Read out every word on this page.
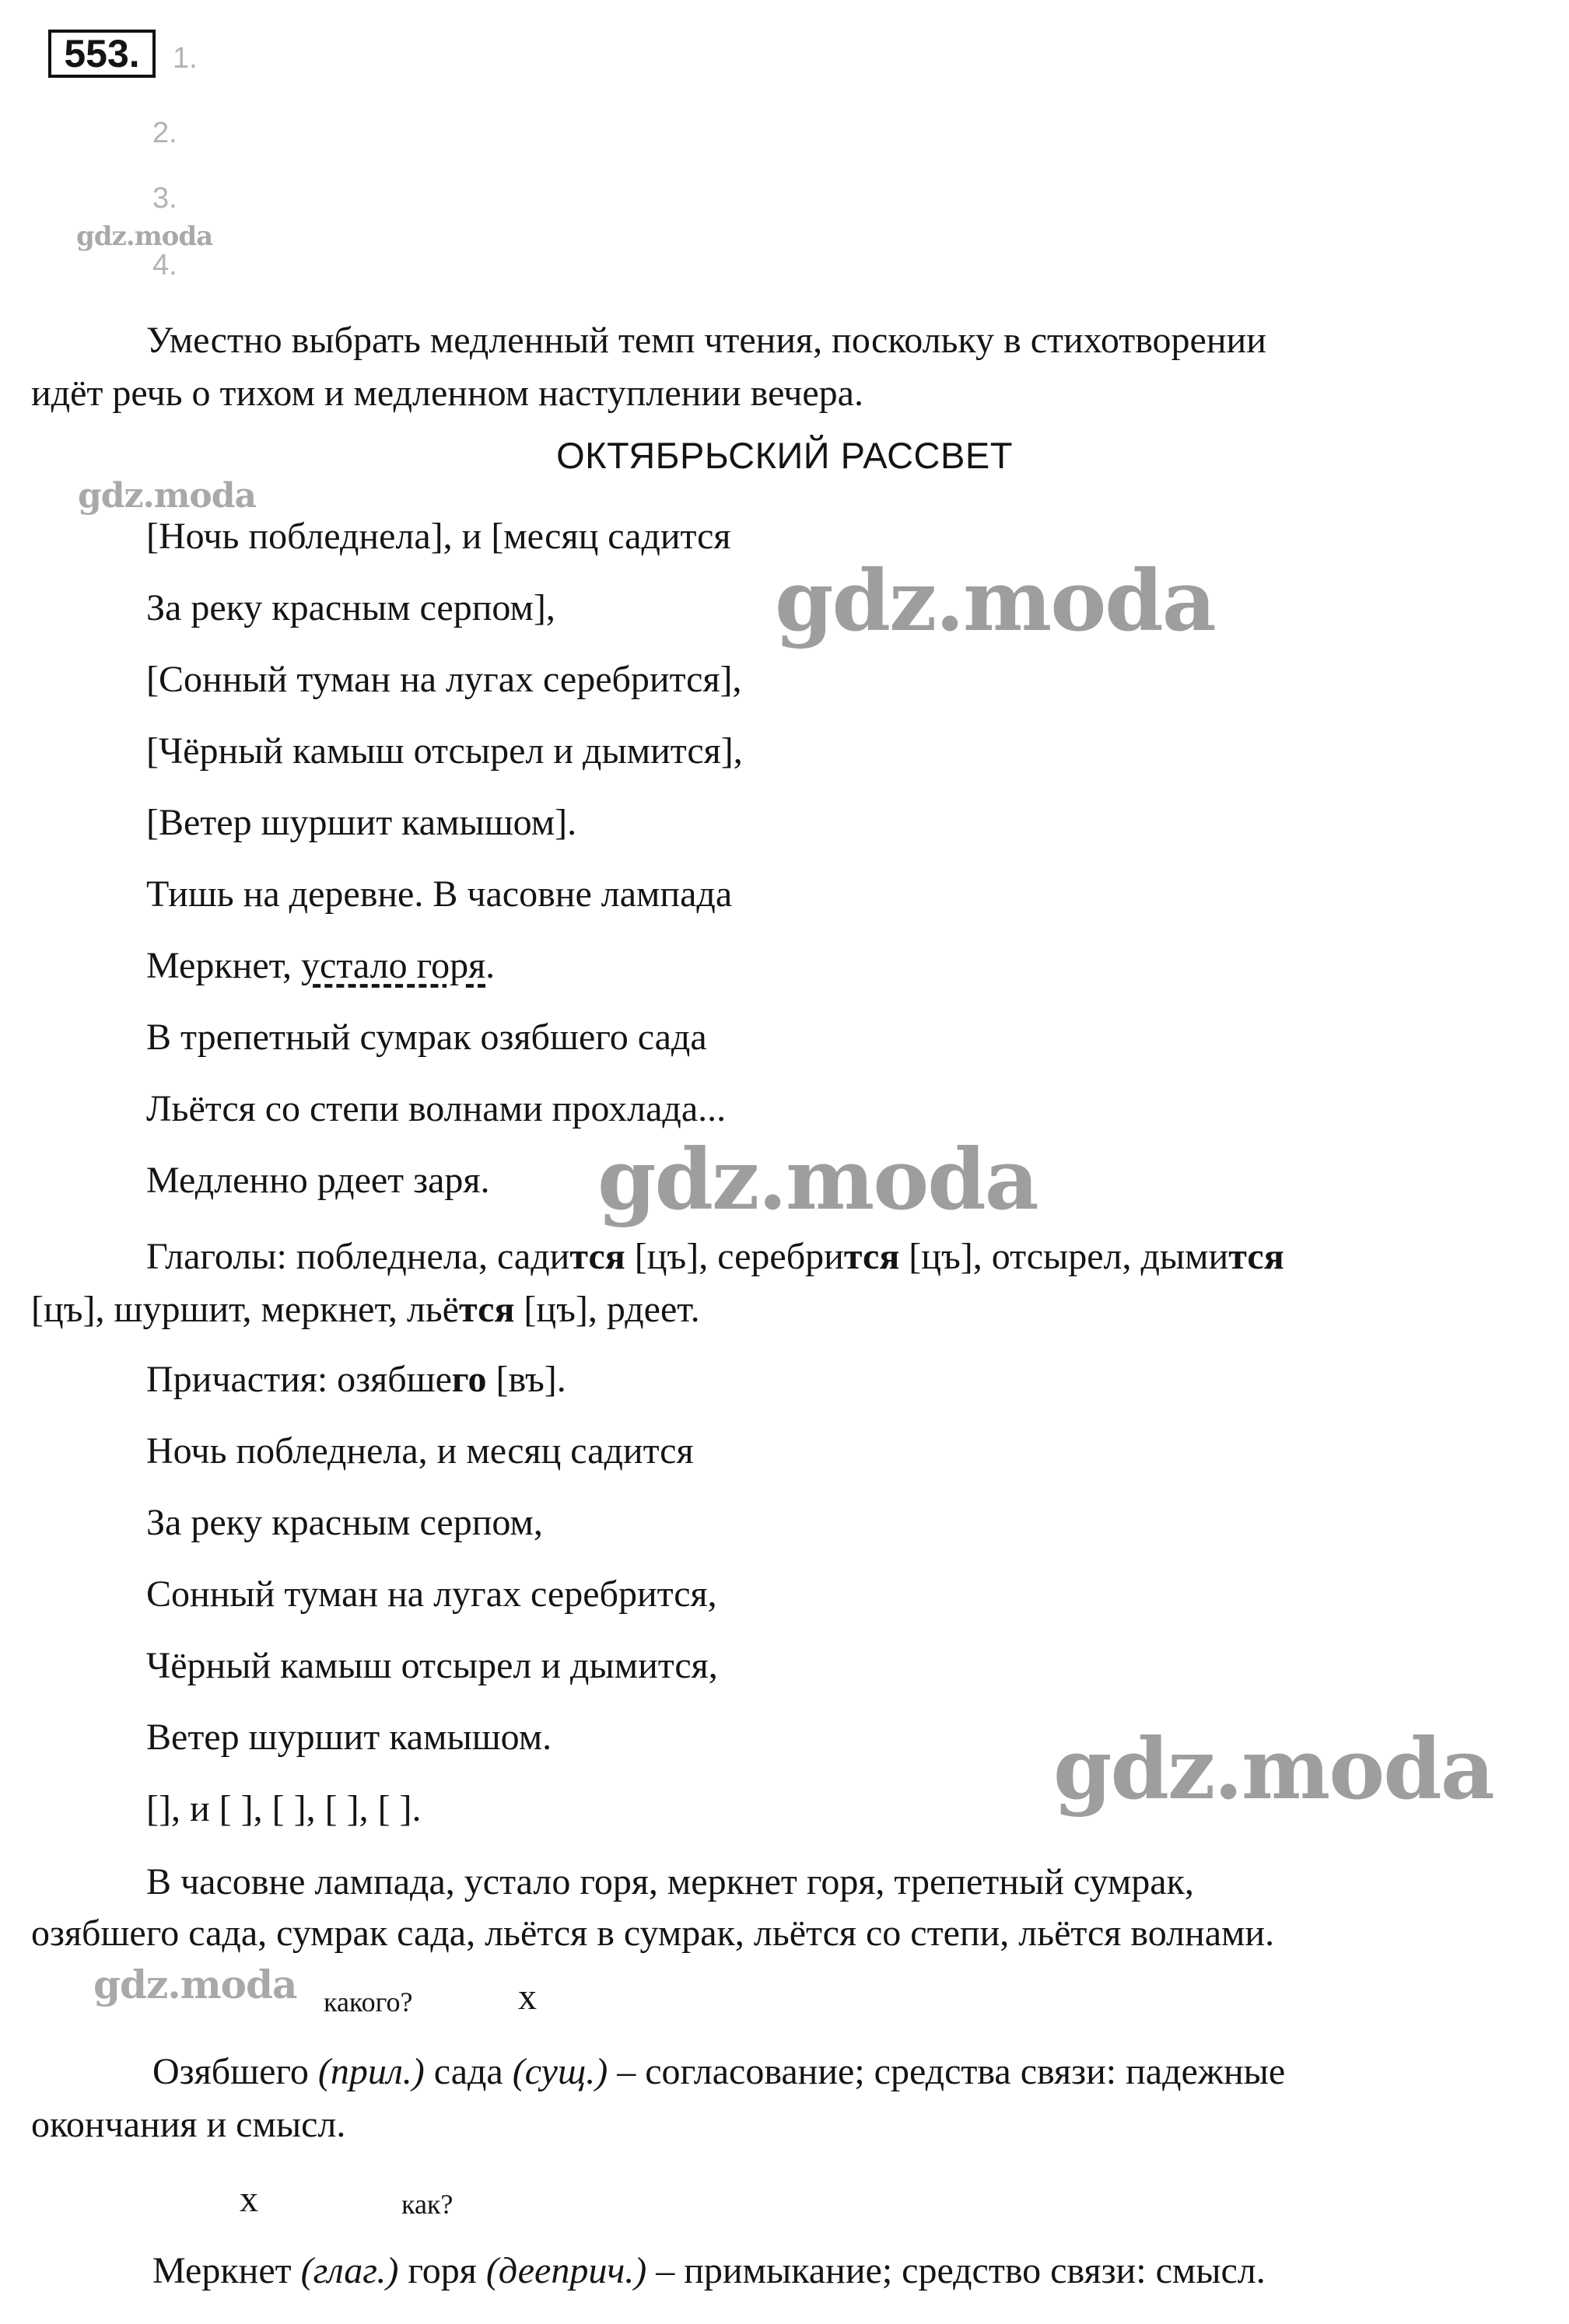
553.	1.
2.
3.
4.
gdz.moda
gdz.moda
gdz.moda
gdz.moda
gdz.moda
gdz.moda
Уместно выбрать медленный темп чтения, поскольку в стихотворении
идёт речь о тихом и медленном наступлении вечера.
ОКТЯБРЬСКИЙ РАССВЕТ
[Ночь побледнела], и [месяц садится
За реку красным серпом],
[Сонный туман на лугах серебрится],
[Чёрный камыш отсырел и дымится],
[Ветер шуршит камышом].
Тишь на деревне. В часовне лампада
Меркнет, устало горя.
В трепетный сумрак озябшего сада
Льётся со степи волнами прохлада...
Медленно рдеет заря.
Глаголы: побледнела, садится [цъ], серебрится [цъ], отсырел, дымится
[цъ], шуршит, меркнет, льётся [цъ], рдеет.
Причастия: озябшего [въ].
Ночь побледнела, и месяц садится
За реку красным серпом,
Сонный туман на лугах серебрится,
Чёрный камыш отсырел и дымится,
Ветер шуршит камышом.
[], и [ ], [ ], [ ], [ ].
В часовне лампада, устало горя, меркнет горя, трепетный сумрак,
озябшего сада, сумрак сада, льётся в сумрак, льётся со степи, льётся волнами.
какого?	x
Озябшего (прил.) сада (сущ.) – согласование; средства связи: падежные
окончания и смысл.
x	как?
Меркнет (глаг.) горя (дееприч.) – примыкание; средство связи: смысл.
